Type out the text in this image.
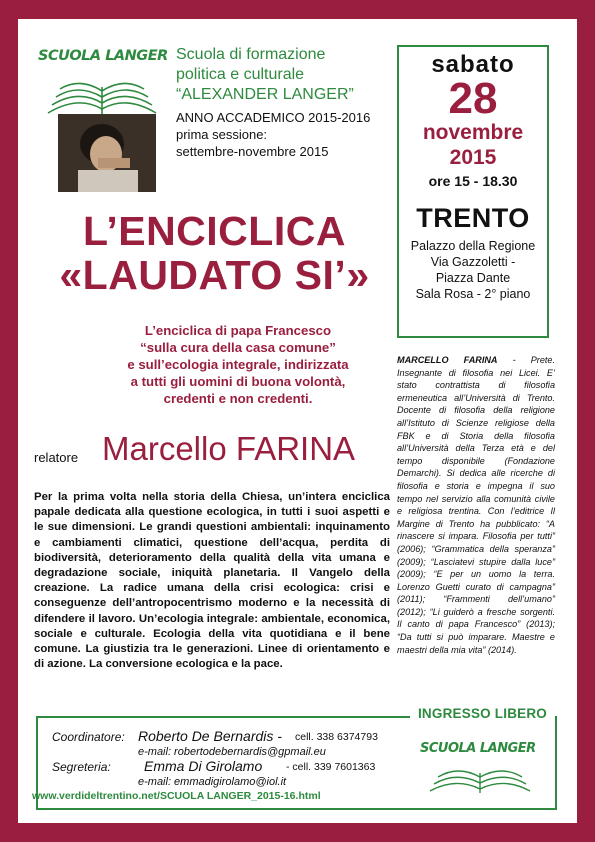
SCUOLA LANGER Scuola di formazione
politica e culturale
“ALEXANDER LANGER”
ANNO ACCADEMICO 2015-2016
prima sessione:
settembre-novembre 2015
sabato
28
novembre
2015
ore 15 - 18.30
TRENTO
Palazzo della Regione
Via Gazzoletti -
Piazza Dante
Sala Rosa - 2° piano
L’ENCICLICA
«LAUDATO SI’»
L’enciclica di papa Francesco
“sulla cura della casa comune”
e sull’ecologia integrale, indirizzata
a tutti gli uomini di buona volontà,
credenti e non credenti.
relatore Marcello FARINA
Per la prima volta nella storia della Chiesa, un’intera enciclica papale dedicata alla questione ecologica, in tutti i suoi aspetti e le sue dimensioni. Le grandi questioni ambientali: inquinamento e cambiamenti climatici, questione dell’acqua, perdita di biodiversità, deterioramento della qualità della vita umana e degradazione sociale, iniquità planetaria. Il Vangelo della creazione. La radice umana della crisi ecologica: crisi e conseguenze dell’antropocentrismo moderno e la necessità di difendere il lavoro. Un’ecologia integrale: ambientale, economica, sociale e culturale. Ecologia della vita quotidiana e il bene comune. La giustizia tra le generazioni. Linee di orientamento e di azione. La conversione ecologica e la pace.
MARCELLO FARINA - Prete. Insegnante di filosofia nei Licei. E’ stato contrattista di filosofia ermeneutica all’Università di Trento. Docente di filosofia della religione all’Istituto di Scienze religiose della FBK e di Storia della filosofia all’Università della Terza età e del tempo disponibile (Fondazione Demarchi). Si dedica alle ricerche di filosofia e storia e impegna il suo tempo nel servizio alla comunità civile e religiosa trentina. Con l’editrice Il Margine di Trento ha pubblicato: “A rinascere si impara. Filosofia per tutti” (2006); “Grammatica della speranza” (2009); “Lasciatevi stupire dalla luce” (2009); “E per un uomo la terra. Lorenzo Guetti curato di campagna” (2011); “Frammenti dell’umano” (2012); “Li guiderò a fresche sorgenti. Il canto di papa Francesco” (2013); “Da tutti si può imparare. Maestre e maestri della mia vita” (2014).
INGRESSO LIBERO
Coordinatore: Roberto De Bernardis - cell. 338 6374793
e-mail: robertodebernardis@gpmail.eu
Segreteria: Emma Di Girolamo - cell. 339 7601363
e-mail: emmadigirolamo@iol.it
www.verdideltrentino.net/SCUOLA LANGER_2015-16.html
SCUOLA LANGER
